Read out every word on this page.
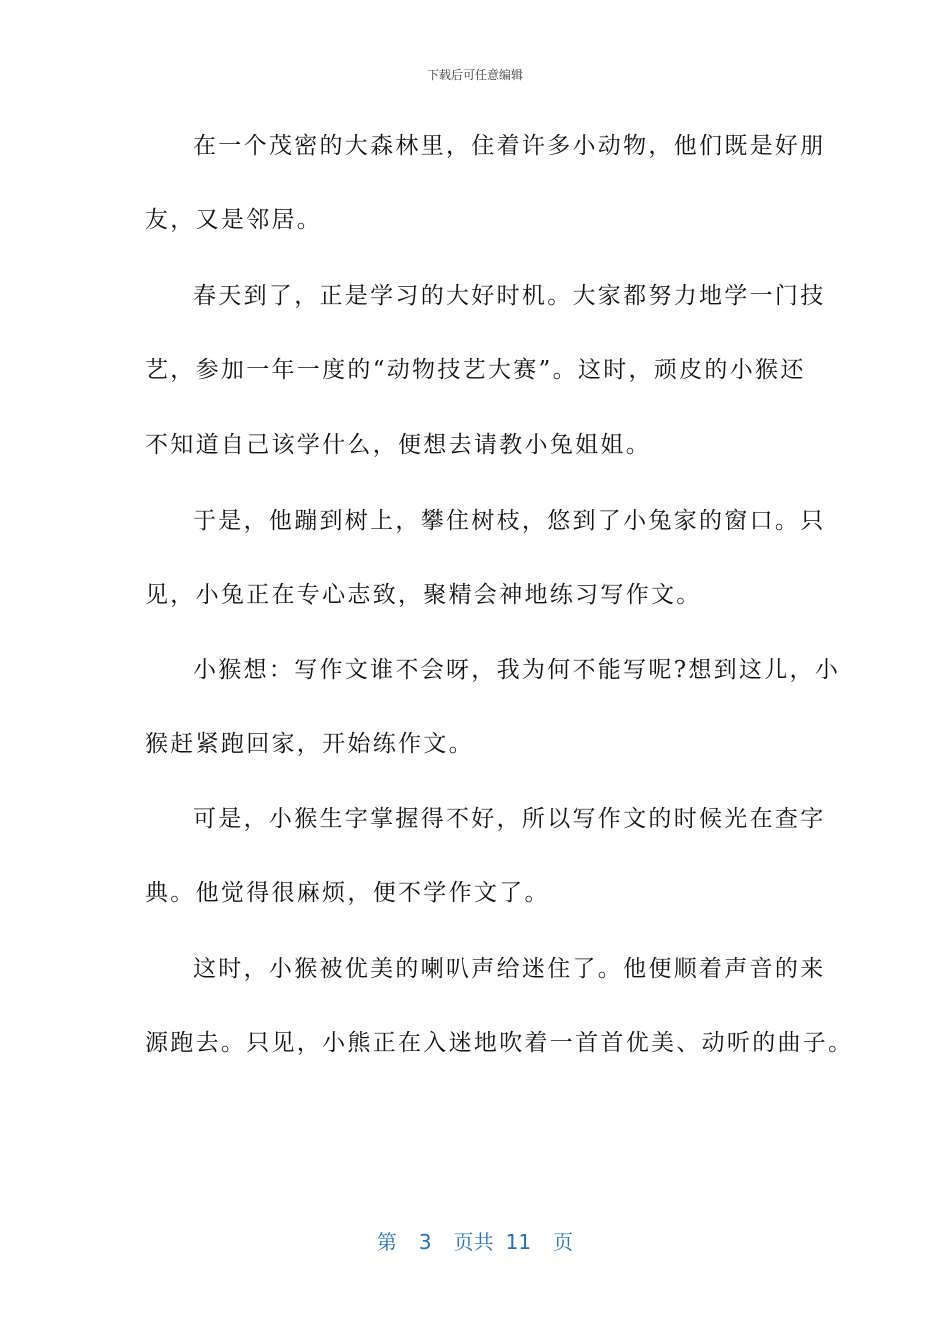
下载后可任意编辑
在一个茂密的大森林里，住着许多小动物，他们既是好朋
友，又是邻居。
春天到了，正是学习的大好时机。大家都努力地学一门技
艺，参加一年一度的“动物技艺大赛”。这时，顽皮的小猴还
不知道自己该学什么，便想去请教小兔姐姐。
于是，他蹦到树上，攀住树枝，悠到了小兔家的窗口。只
见，小兔正在专心志致，聚精会神地练习写作文。
小猴想：写作文谁不会呀，我为何不能写呢?想到这儿，小
猴赶紧跑回家，开始练作文。
可是，小猴生字掌握得不好，所以写作文的时候光在查字
典。他觉得很麻烦，便不学作文了。
这时，小猴被优美的喇叭声给迷住了。他便顺着声音的来
源跑去。只见，小熊正在入迷地吹着一首首优美、动听的曲子。
第 3 页共 11 页
